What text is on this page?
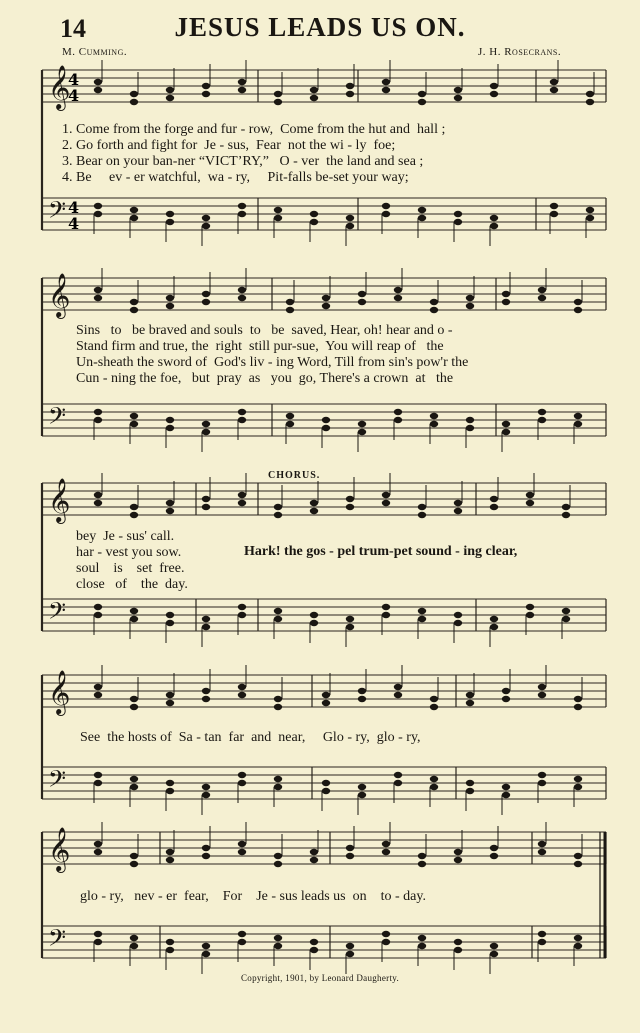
14	JESUS LEADS US ON.
M. Cumming.	J. H. Rosecrans.
𝄞
𝄢
𝄞
𝄢
𝄞
𝄢
𝄞
𝄢
𝄞
𝄢
4
4
4
4
1. Come from the forge and fur - row,  Come from the hut and  hall ;
2. Go forth and fight for  Je - sus,  Fear  not the wi - ly  foe;
3. Bear on your ban-ner “VICT’RY,”   O - ver  the land and sea ;
4. Be     ev - er watchful,  wa - ry,     Pit-falls be-set your way;
Sins   to   be braved and souls  to   be  saved, Hear, oh! hear and o -
Stand firm and true, the  right  still pur-sue,  You will reap of   the
Un-sheath the sword of  God's liv - ing Word, Till from sin's pow'r the
Cun - ning the foe,   but  pray  as   you  go, There's a crown  at   the
CHORUS.
bey  Je - sus' call.
har - vest you sow.
soul    is    set  free.
close   of    the  day.
Hark! the gos - pel trum-pet sound - ing clear,
See  the hosts of  Sa - tan  far  and  near,     Glo - ry,  glo - ry,
glo - ry,   nev - er  fear,    For    Je - sus leads us  on    to - day.
Copyright, 1901, by Leonard Daugherty.
